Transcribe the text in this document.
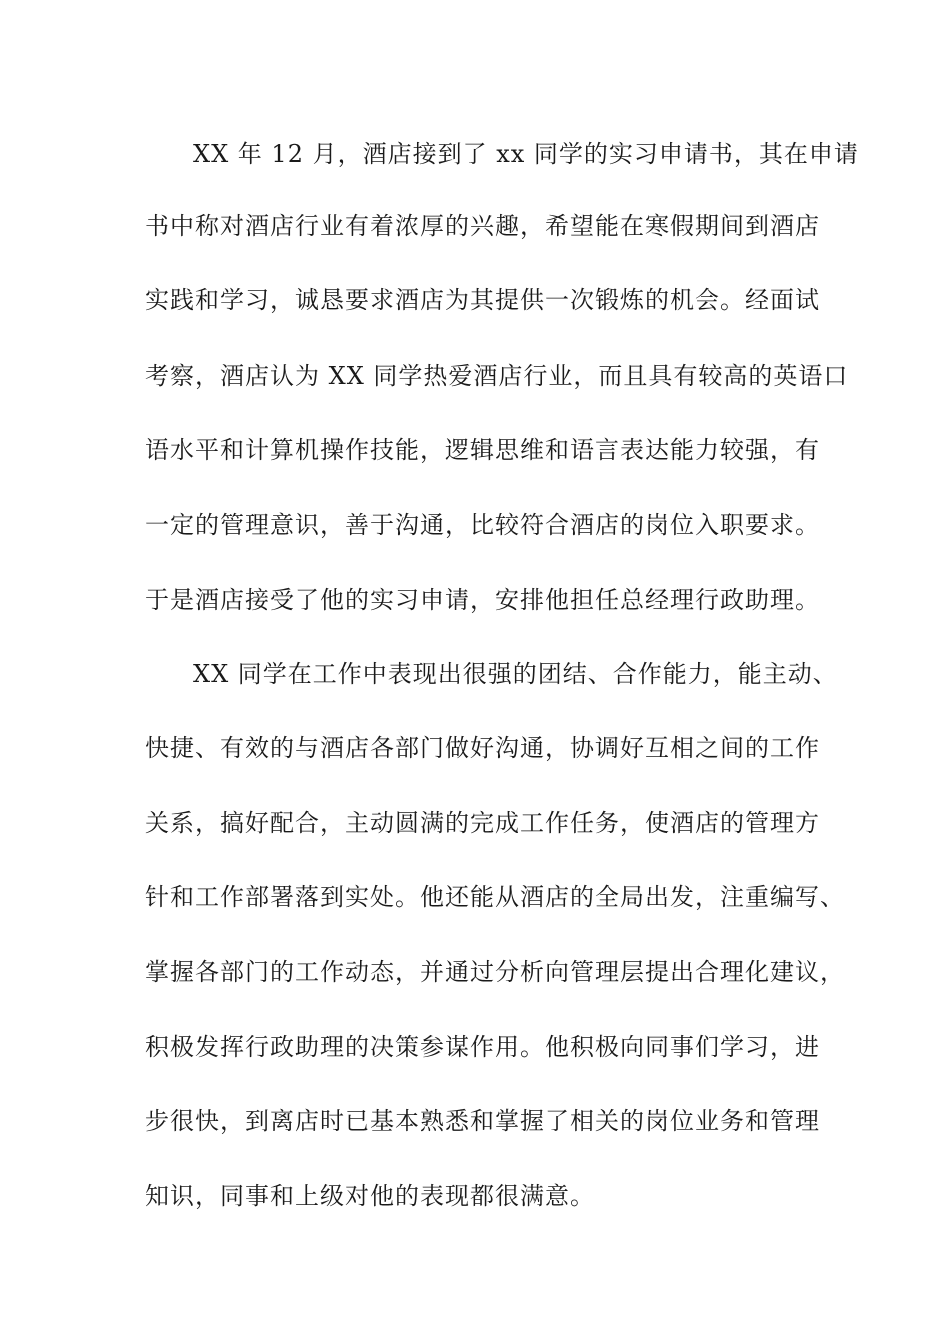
XX 年 12 月，酒店接到了 xx 同学的实习申请书，其在申请
书中称对酒店行业有着浓厚的兴趣，希望能在寒假期间到酒店
实践和学习，诚恳要求酒店为其提供一次锻炼的机会。经面试
考察，酒店认为 XX 同学热爱酒店行业，而且具有较高的英语口
语水平和计算机操作技能，逻辑思维和语言表达能力较强，有
一定的管理意识，善于沟通，比较符合酒店的岗位入职要求。
于是酒店接受了他的实习申请，安排他担任总经理行政助理。
XX 同学在工作中表现出很强的团结、合作能力，能主动、
快捷、有效的与酒店各部门做好沟通，协调好互相之间的工作
关系，搞好配合，主动圆满的完成工作任务，使酒店的管理方
针和工作部署落到实处。他还能从酒店的全局出发，注重编写、
掌握各部门的工作动态，并通过分析向管理层提出合理化建议，
积极发挥行政助理的决策参谋作用。他积极向同事们学习，进
步很快，到离店时已基本熟悉和掌握了相关的岗位业务和管理
知识，同事和上级对他的表现都很满意。
